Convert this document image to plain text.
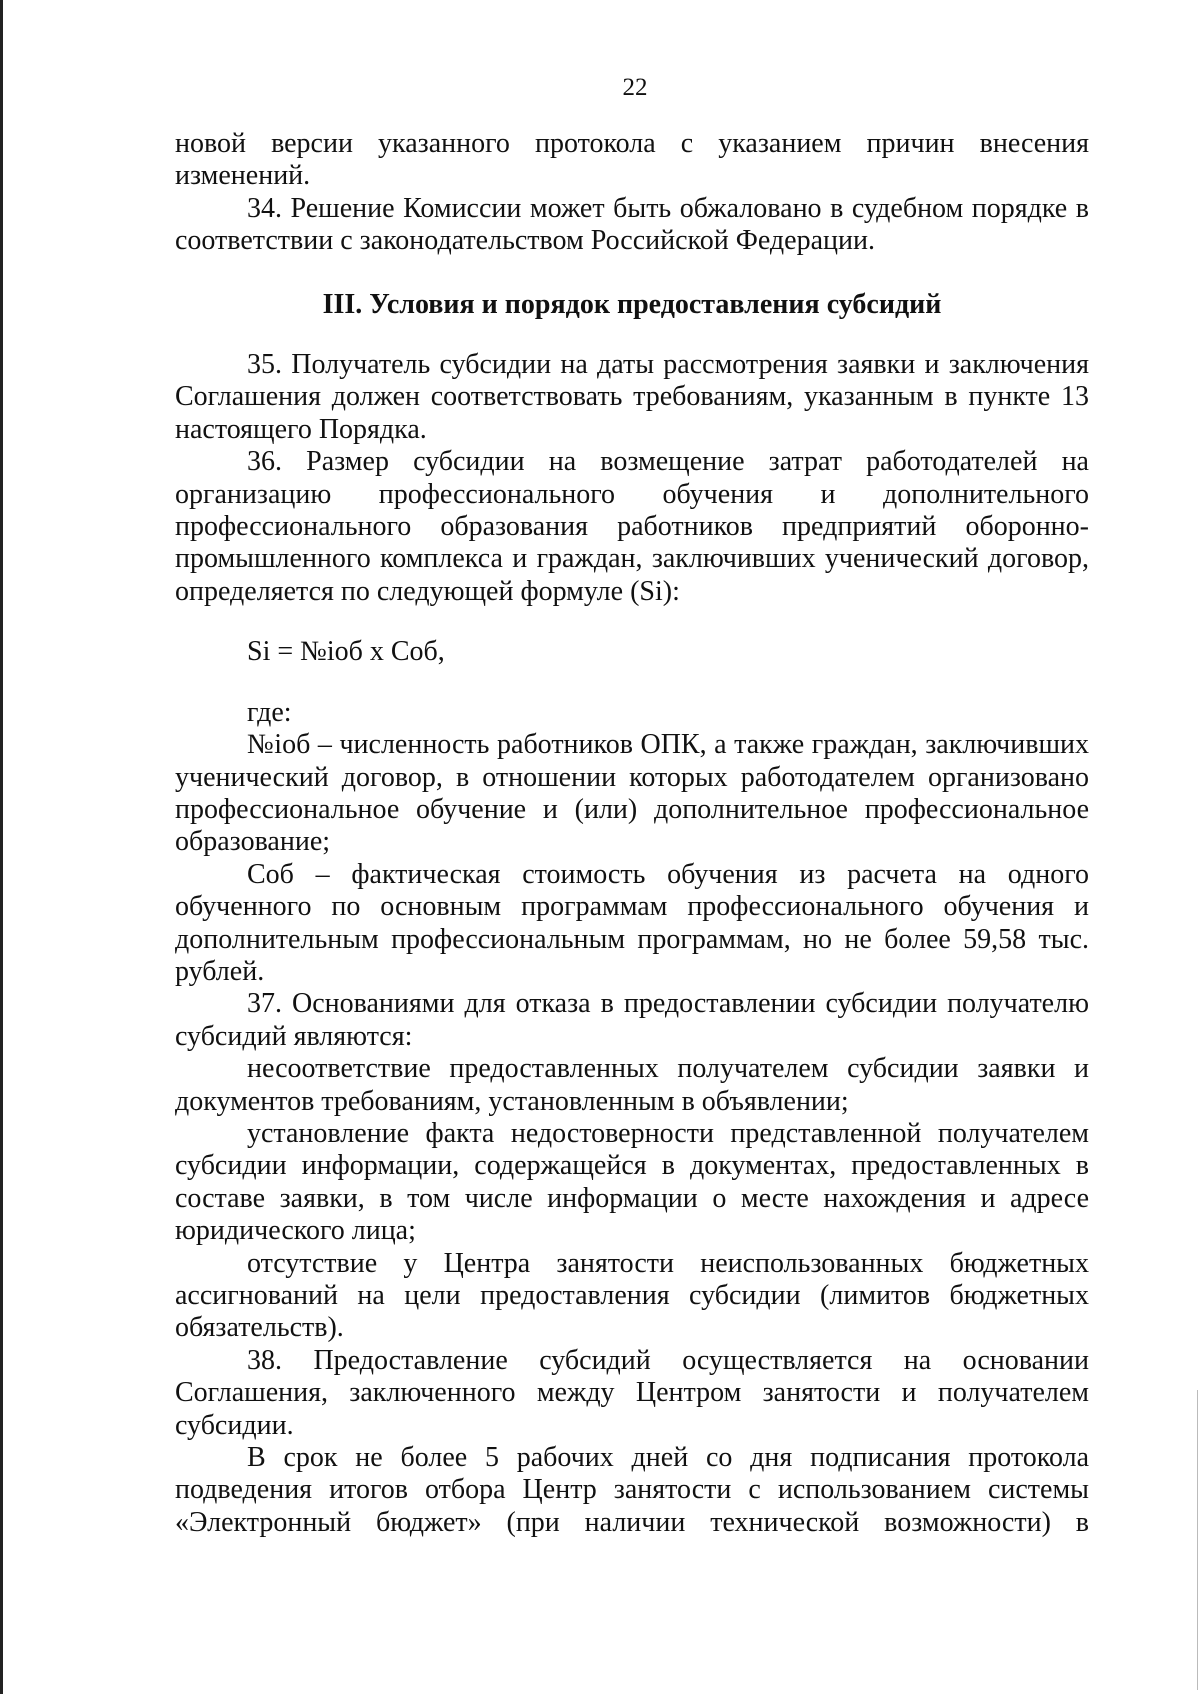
22

новой версии указанного протокола с указанием причин внесения

изменений.

34. Решение Комиссии может быть обжаловано в судебном порядке в соответствии с законодательством Российской Федерации.

III. Условия и порядок предоставления субсидий

35. Получатель субсидии на даты рассмотрения заявки и заключения Соглашения должен соответствовать требованиям, указанным в пункте 13 настоящего Порядка.

36. Размер субсидии на возмещение затрат работодателей на организацию профессионального обучения и дополнительного профессионального образования работников предприятий оборонно-промышленного комплекса и граждан, заключивших ученический договор, определяется по следующей формуле (Si):

Si = №iоб х Cоб,

где:

№iоб – численность работников ОПК, а также граждан, заключивших ученический договор, в отношении которых работодателем организовано профессиональное обучение и (или) дополнительное профессиональное образование;

Соб – фактическая стоимость обучения из расчета на одного обученного по основным программам профессионального обучения и дополнительным профессиональным программам, но не более 59,58 тыс. рублей.

37. Основаниями для отказа в предоставлении субсидии получателю субсидий являются:

несоответствие предоставленных получателем субсидии заявки и документов требованиям, установленным в объявлении;

установление факта недостоверности представленной получателем субсидии информации, содержащейся в документах, предоставленных в составе заявки, в том числе информации о месте нахождения и адресе юридического лица;

отсутствие у Центра занятости неиспользованных бюджетных ассигнований на цели предоставления субсидии (лимитов бюджетных обязательств).

38. Предоставление субсидий осуществляется на основании Соглашения, заключенного между Центром занятости и получателем субсидии.

В срок не более 5 рабочих дней со дня подписания протокола подведения итогов отбора Центр занятости с использованием системы «Электронный бюджет» (при наличии технической возможности) в
